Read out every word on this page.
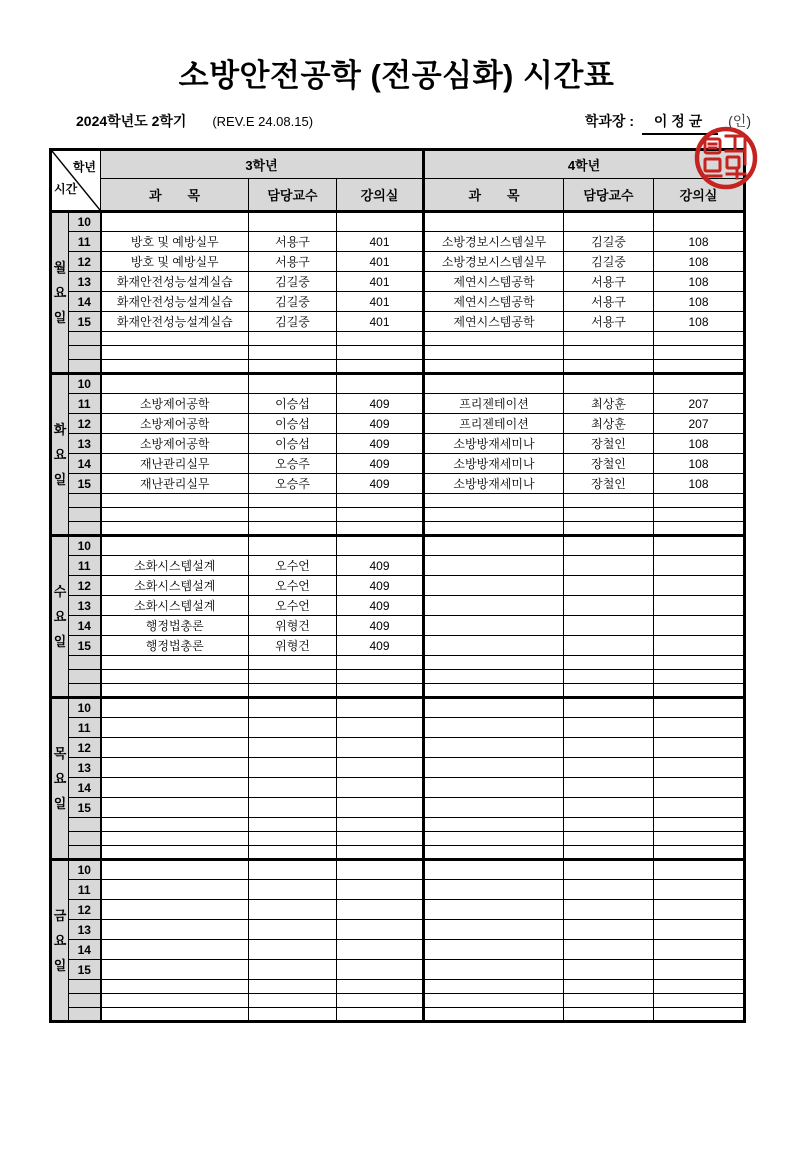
소방안전공학 (전공심화) 시간표
2024학년도 2학기 (REV.E 24.08.15)	학과장 : 이 정 균 (인)
학년
시간		3학년			4학년		
		과　　목	담당교수	강의실	과　　목	담당교수	강의실

월
요
일	10						
	11	방호 및 예방실무	서용구	401	소방경보시스템실무	김길중	108
	12	방호 및 예방실무	서용구	401	소방경보시스템실무	김길중	108
	13	화재안전성능설계실습	김길중	401	제연시스템공학	서용구	108
	14	화재안전성능설계실습	김길중	401	제연시스템공학	서용구	108
	15	화재안전성능설계실습	김길중	401	제연시스템공학	서용구	108

화
요
일	10						
	11	소방제어공학	이승섭	409	프리젠테이션	최상훈	207
	12	소방제어공학	이승섭	409	프리젠테이션	최상훈	207
	13	소방제어공학	이승섭	409	소방방재세미나	장철인	108
	14	재난관리실무	오승주	409	소방방재세미나	장철인	108
	15	재난관리실무	오승주	409	소방방재세미나	장철인	108

수
요
일	10						
	11	소화시스템설계	오수언	409			
	12	소화시스템설계	오수언	409			
	13	소화시스템설계	오수언	409			
	14	행정법총론	위형건	409			
	15	행정법총론	위형건	409			

목
요
일	10						
	11						
	12						
	13						
	14						
	15						

금
요
일	10						
	11						
	12						
	13						
	14						
	15						
